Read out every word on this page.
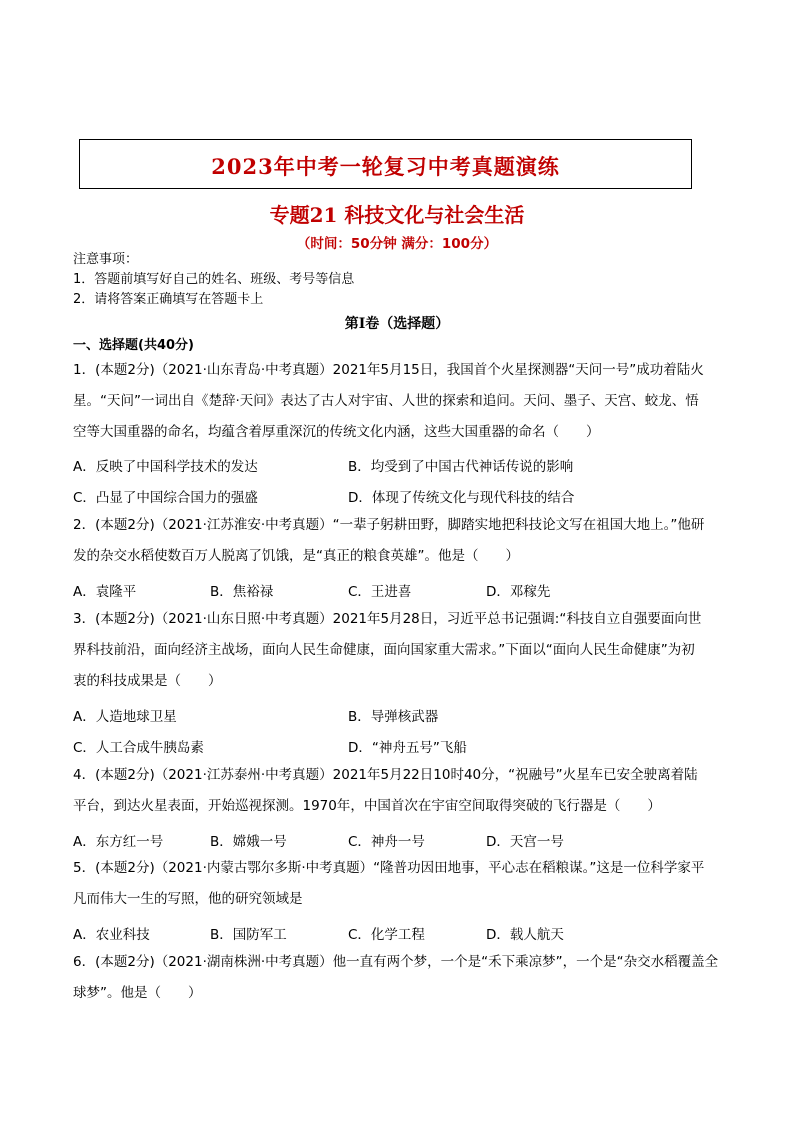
2023年中考一轮复习中考真题演练
专题21 科技文化与社会生活
（时间：50分钟 满分：100分）
注意事项：
1．答题前填写好自己的姓名、班级、考号等信息
2．请将答案正确填写在答题卡上
第I卷（选择题）
一、选择题(共40分)
1．(本题2分)（2021·山东青岛·中考真题）2021年5月15日，我国首个火星探测器“天问一号”成功着陆火
星。“天问”一词出自《楚辞·天问》表达了古人对宇宙、人世的探索和追问。天问、墨子、天宫、蛟龙、悟
空等大国重器的命名，均蕴含着厚重深沉的传统文化内涵，这些大国重器的命名（　　）
A．反映了中国科学技术的发达	B．均受到了中国古代神话传说的影响
C．凸显了中国综合国力的强盛	D．体现了传统文化与现代科技的结合
2．(本题2分)（2021·江苏淮安·中考真题）“一辈子躬耕田野，脚踏实地把科技论文写在祖国大地上。”他研
发的杂交水稻使数百万人脱离了饥饿，是“真正的粮食英雄”。他是（　　）
A．袁隆平	B．焦裕禄	C．王进喜	D．邓稼先
3．(本题2分)（2021·山东日照·中考真题）2021年5月28日，习近平总书记强调:“科技自立自强要面向世
界科技前沿，面向经济主战场，面向人民生命健康，面向国家重大需求。”下面以“面向人民生命健康”为初
衷的科技成果是（　　）
A．人造地球卫星	B．导弹核武器
C．人工合成牛胰岛素	D．“神舟五号”飞船
4．(本题2分)（2021·江苏泰州·中考真题）2021年5月22日10时40分，“祝融号”火星车已安全驶离着陆
平台，到达火星表面，开始巡视探测。1970年，中国首次在宇宙空间取得突破的飞行器是（　　）
A．东方红一号	B．嫦娥一号	C．神舟一号	D．天宫一号
5．(本题2分)（2021·内蒙古鄂尔多斯·中考真题）“隆普功因田地事，平心志在稻粮谋。”这是一位科学家平
凡而伟大一生的写照，他的研究领域是
A．农业科技	B．国防军工	C．化学工程	D．载人航天
6．(本题2分)（2021·湖南株洲·中考真题）他一直有两个梦，一个是“禾下乘凉梦”，一个是“杂交水稻覆盖全
球梦”。他是（　　）
